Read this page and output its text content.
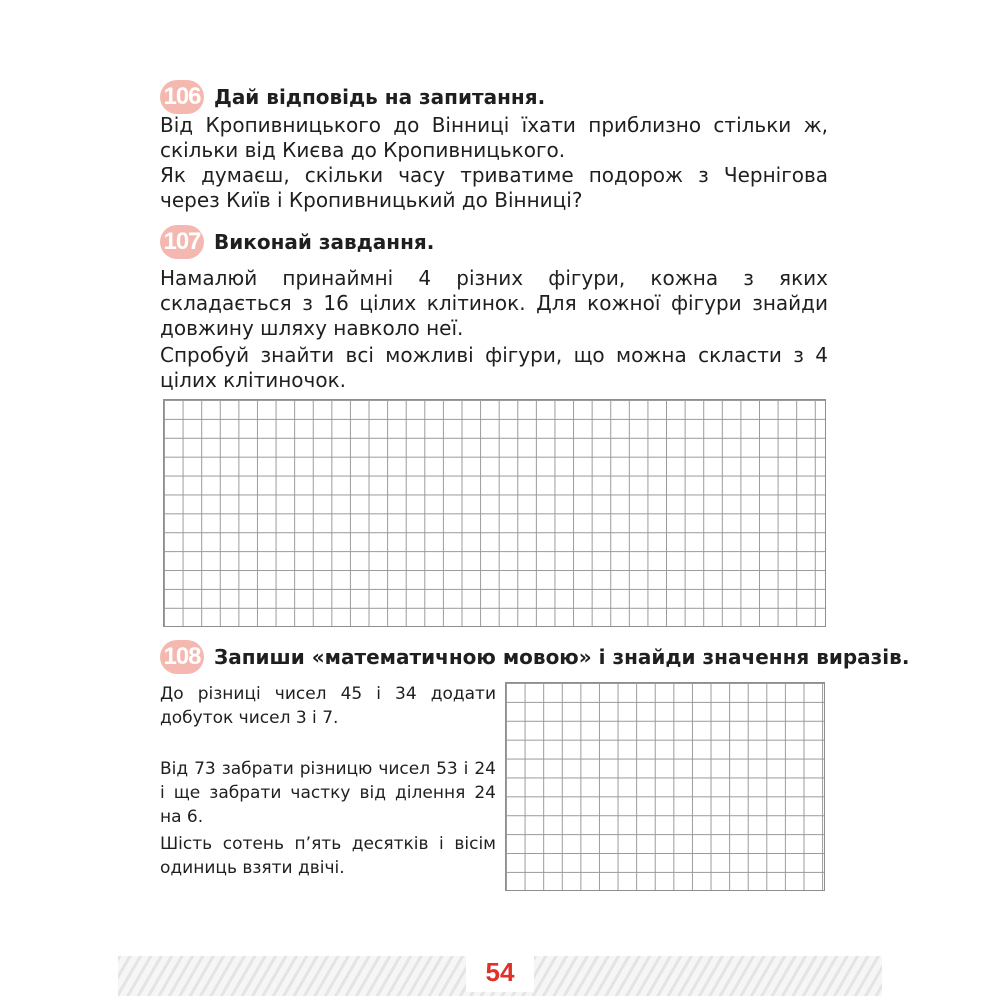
106 Дай відповідь на запитання.
Від Кропивницького до Вінниці їхати приблизно стільки ж, скільки від Києва до Кропивницького.
Як думаєш, скільки часу триватиме подорож з Чернігова через Київ і Кропивницький до Вінниці?
107 Виконай завдання.
Намалюй принаймні 4 різних фігури, кожна з яких складається з 16 цілих клітинок. Для кожної фігури знайди довжину шляху навколо неї.
Спробуй знайти всі можливі фігури, що можна скласти з 4 цілих клітиночок.
108 Запиши «математичною мовою» і знайди значення виразів.
До різниці чисел 45 і 34 додати добуток чисел 3 і 7.
Від 73 забрати різницю чисел 53 і 24 і ще забрати частку від ділення 24 на 6.
Шість сотень п’ять десятків і вісім одиниць взяти двічі.
54
